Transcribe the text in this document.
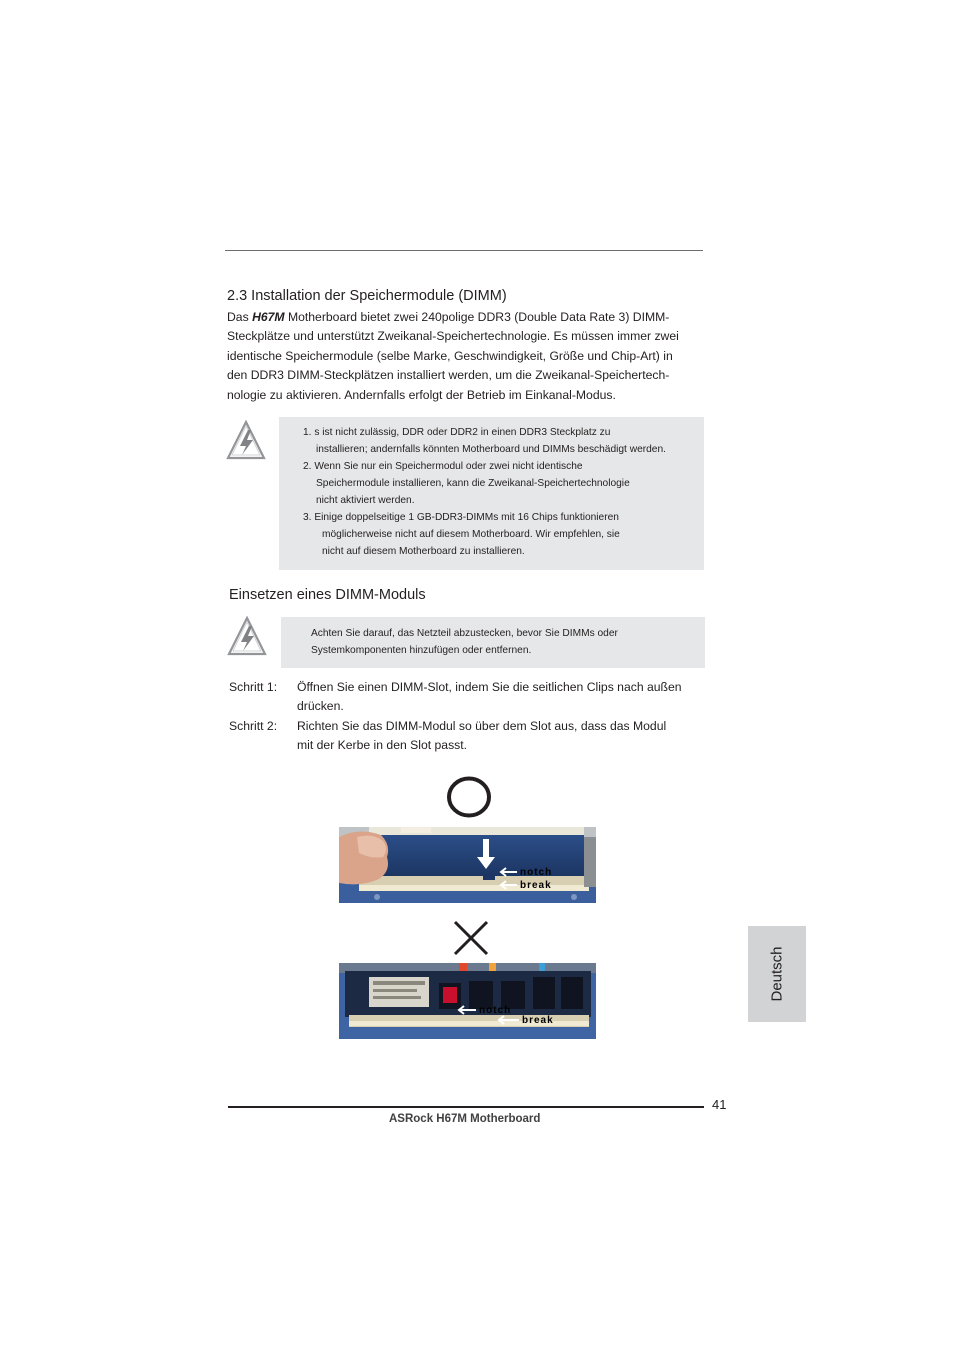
2.3 Installation der Speichermodule (DIMM)

Das H67M Motherboard bietet zwei 240polige DDR3 (Double Data Rate 3) DIMM-

Steckplätze und unterstützt Zweikanal-Speichertechnologie. Es müssen immer zwei

identische Speichermodule (selbe Marke, Geschwindigkeit, Größe und Chip-Art) in

den DDR3 DIMM-Steckplätzen installiert werden, um die Zweikanal-Speichertech-

nologie zu aktivieren. Andernfalls erfolgt der Betrieb im Einkanal-Modus.

1. s ist nicht zulässig, DDR oder DDR2 in einen DDR3 Steckplatz zu
installieren; andernfalls könnten Motherboard und DIMMs beschädigt werden.
2. Wenn Sie nur ein Speichermodul oder zwei nicht identische
Speichermodule installieren, kann die Zweikanal-Speichertechnologie
nicht aktiviert werden.
3. Einige doppelseitige 1 GB-DDR3-DIMMs mit 16 Chips funktionieren
möglicherweise nicht auf diesem Motherboard. Wir empfehlen, sie
nicht auf diesem Motherboard zu installieren.
Einsetzen eines DIMM-Moduls
Achten Sie darauf, das Netzteil abzustecken, bevor Sie DIMMs oder
Systemkomponenten hinzufügen oder entfernen.
Schritt 1: Öffnen Sie einen DIMM-Slot, indem Sie die seitlichen Clips nach außen
drücken.
Schritt 2: Richten Sie das DIMM-Modul so über dem Slot aus, dass das Modul
mit der Kerbe in den Slot passt.
notch
break
notch
break
Deutsch
41
ASRock H67M Motherboard
